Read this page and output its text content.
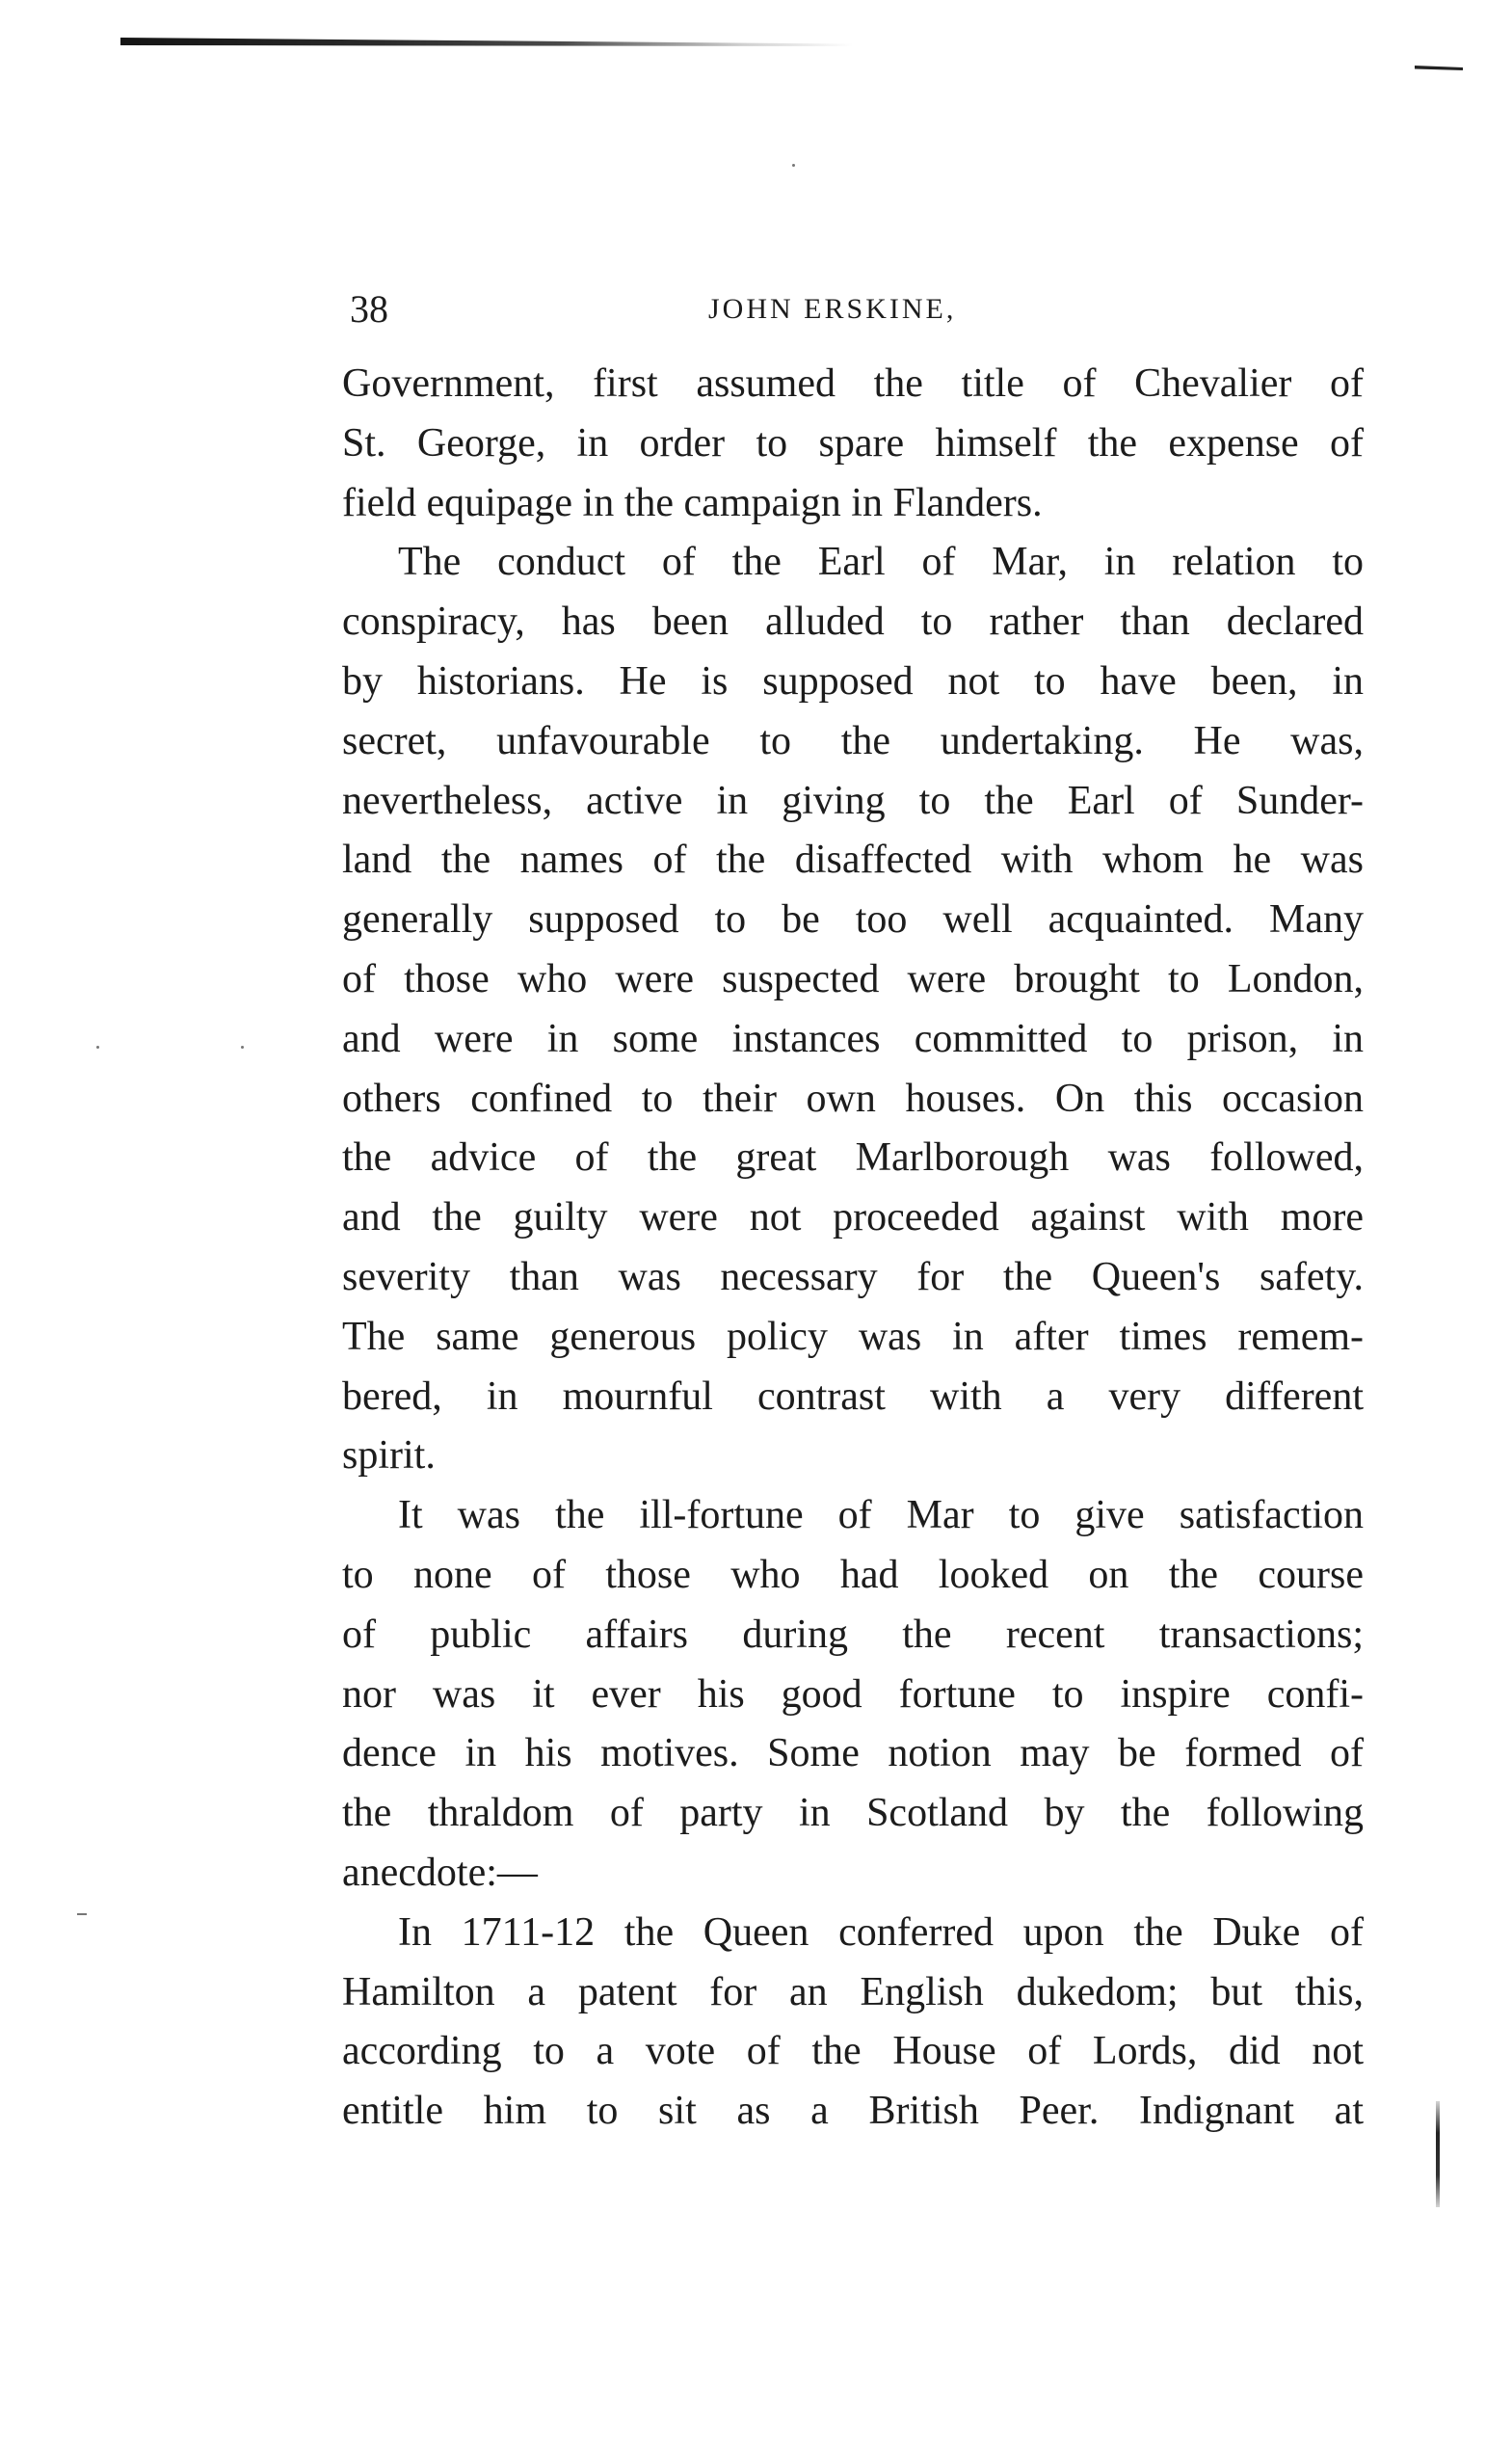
38	JOHN ERSKINE,
Government, first assumed the title of Chevalier of
St. George, in order to spare himself the expense of
field equipage in the campaign in Flanders.
The conduct of the Earl of Mar, in relation to
conspiracy, has been alluded to rather than declared
by historians. He is supposed not to have been, in
secret, unfavourable to the undertaking. He was,
nevertheless, active in giving to the Earl of Sunder-
land the names of the disaffected with whom he was
generally supposed to be too well acquainted. Many
of those who were suspected were brought to London,
and were in some instances committed to prison, in
others confined to their own houses. On this occasion
the advice of the great Marlborough was followed,
and the guilty were not proceeded against with more
severity than was necessary for the Queen's safety.
The same generous policy was in after times remem-
bered, in mournful contrast with a very different
spirit.
It was the ill-fortune of Mar to give satisfaction
to none of those who had looked on the course
of public affairs during the recent transactions;
nor was it ever his good fortune to inspire confi-
dence in his motives. Some notion may be formed of
the thraldom of party in Scotland by the following
anecdote:—
In 1711-12 the Queen conferred upon the Duke of
Hamilton a patent for an English dukedom; but this,
according to a vote of the House of Lords, did not
entitle him to sit as a British Peer. Indignant at
